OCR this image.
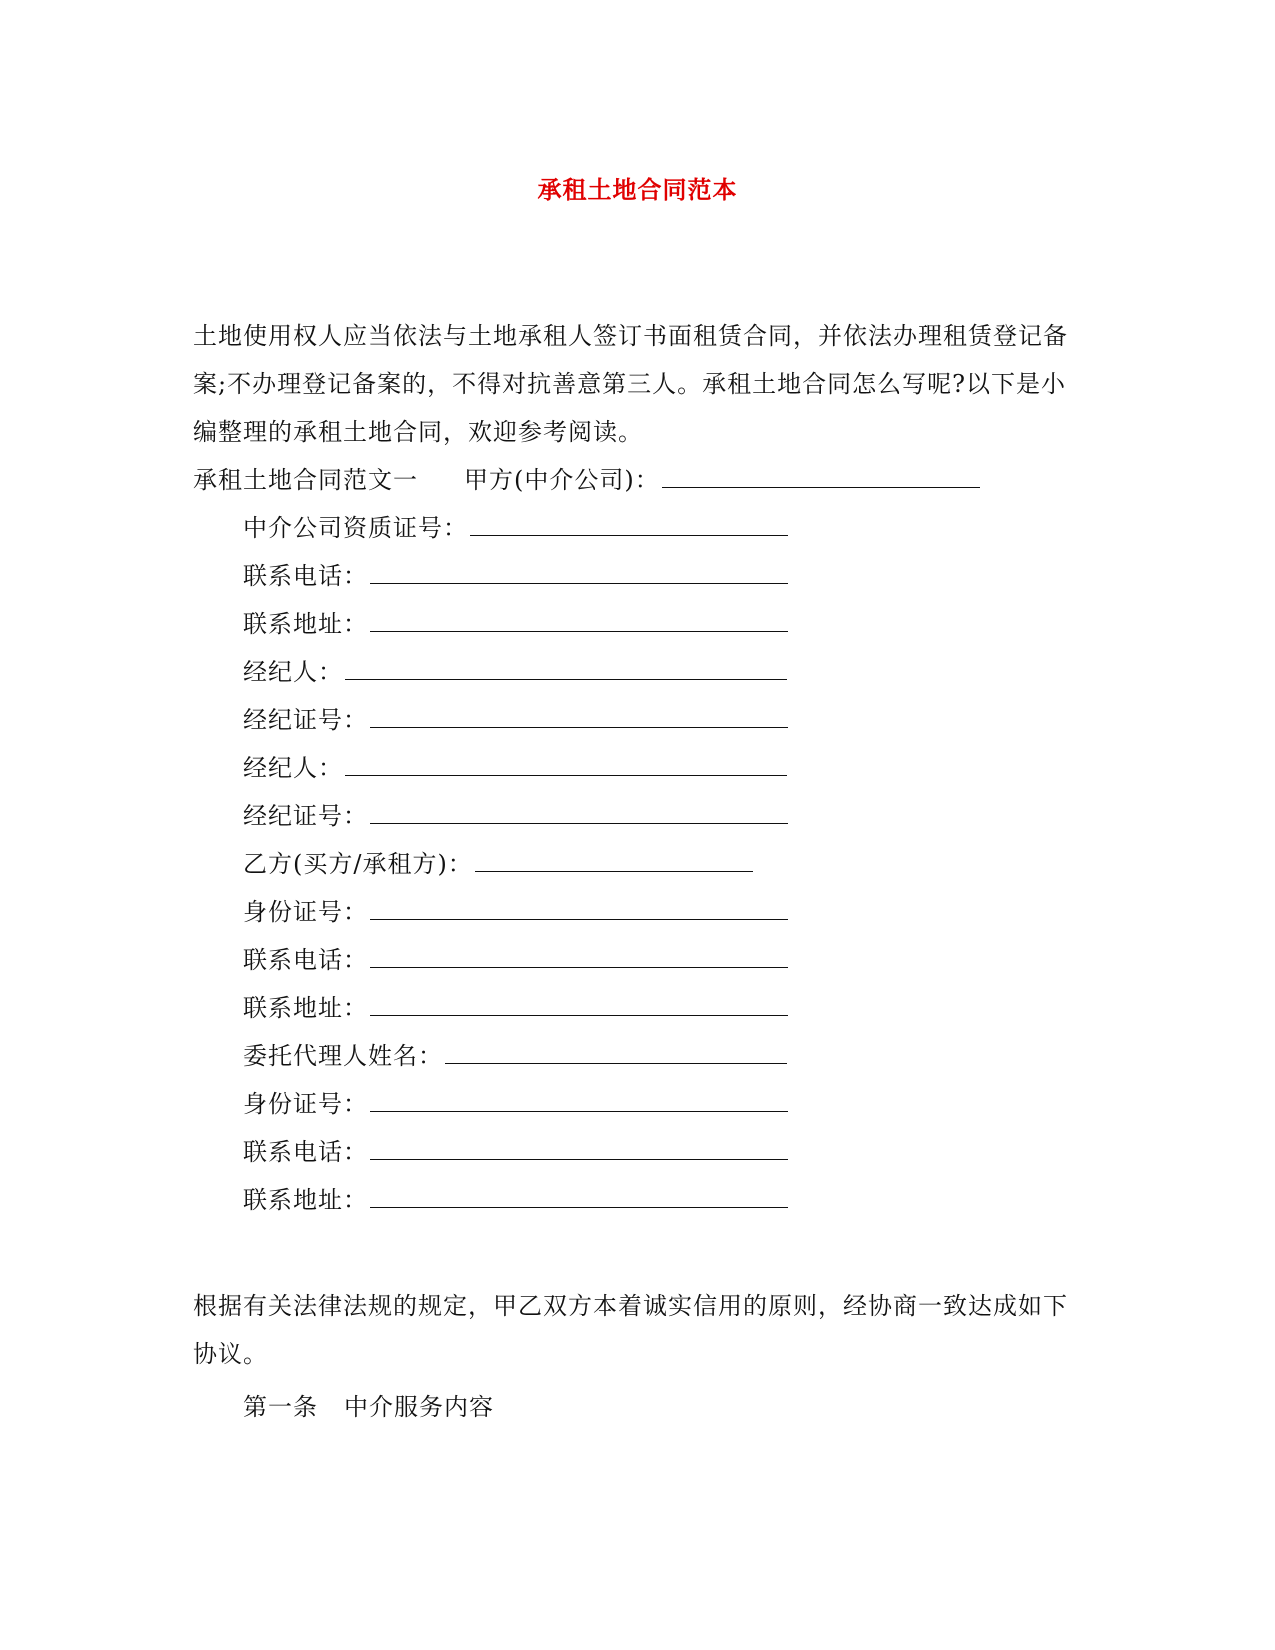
承租土地合同范本
土地使用权人应当依法与土地承租人签订书面租赁合同，并依法办理租赁登记备案;不办理登记备案的，不得对抗善意第三人。承租土地合同怎么写呢?以下是小编整理的承租土地合同，欢迎参考阅读。
承租土地合同范文一 甲方(中介公司)：
中介公司资质证号：
联系电话：
联系地址：
经纪人：
经纪证号：
经纪人：
经纪证号：
乙方(买方/承租方)：
身份证号：
联系电话：
联系地址：
委托代理人姓名：
身份证号：
联系电话：
联系地址：
根据有关法律法规的规定，甲乙双方本着诚实信用的原则，经协商一致达成如下协议。
第一条 中介服务内容
